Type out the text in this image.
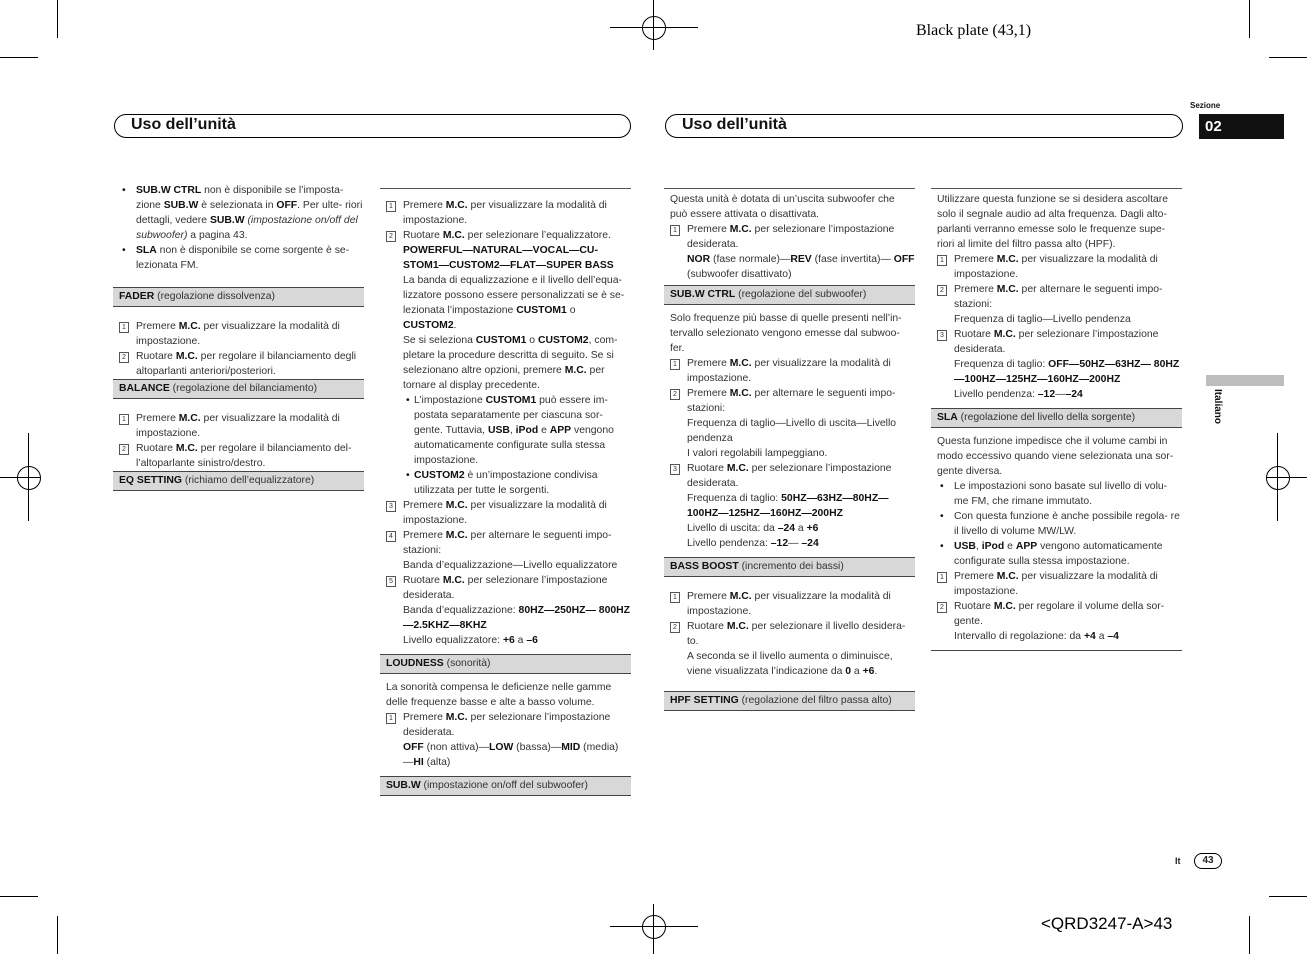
Black plate (43,1)
<QRD3247-A>43
Uso dell’unità	Uso dell’unità
Sezione
02
Italiano
It	43

• SUB.W CTRL non è disponibile se l’imposta- zione SUB.W è selezionata in OFF. Per ulte- riori dettagli, vedere SUB.W (impostazione on/off del subwoofer) a pagina 43.

• SLA non è disponibile se come sorgente è se- lezionata FM.

FADER (regolazione dissolvenza)

1 Premere M.C. per visualizzare la modalità di impostazione.

2 Ruotare M.C. per regolare il bilanciamento degli altoparlanti anteriori/posteriori.

BALANCE (regolazione del bilanciamento)

1 Premere M.C. per visualizzare la modalità di impostazione.

2 Ruotare M.C. per regolare il bilanciamento del- l’altoparlante sinistro/destro.

EQ SETTING (richiamo dell’equalizzatore)

1 Premere M.C. per visualizzare la modalità di impostazione.

2 Ruotare M.C. per selezionare l’equalizzatore.

POWERFUL—NATURAL—VOCAL—CU- STOM1—CUSTOM2—FLAT—SUPER BASS

La banda di equalizzazione e il livello dell’equa- lizzatore possono essere personalizzati se è se- lezionata l’impostazione CUSTOM1 o CUSTOM2.

Se si seleziona CUSTOM1 o CUSTOM2, com- pletare la procedure descritta di seguito. Se si selezionano altre opzioni, premere M.C. per tornare al display precedente.

• L’impostazione CUSTOM1 può essere im- postata separatamente per ciascuna sor- gente. Tuttavia, USB, iPod e APP vengono automaticamente configurate sulla stessa impostazione.

• CUSTOM2 è un’impostazione condivisa utilizzata per tutte le sorgenti.

3 Premere M.C. per visualizzare la modalità di impostazione.

4 Premere M.C. per alternare le seguenti impo- stazioni:

Banda d’equalizzazione—Livello equalizzatore

5 Ruotare M.C. per selezionare l’impostazione desiderata.

Banda d’equalizzazione: 80HZ—250HZ— 800HZ—2.5KHZ—8KHZ

Livello equalizzatore: +6 a –6

LOUDNESS (sonorità)

La sonorità compensa le deficienze nelle gamme delle frequenze basse e alte a basso volume.

1 Premere M.C. per selezionare l’impostazione desiderata.

OFF (non attiva)—LOW (bassa)—MID (media) —HI (alta)

SUB.W (impostazione on/off del subwoofer)

Questa unità è dotata di un’uscita subwoofer che può essere attivata o disattivata.

1 Premere M.C. per selezionare l’impostazione desiderata.

NOR (fase normale)—REV (fase invertita)— OFF (subwoofer disattivato)

SUB.W CTRL (regolazione del subwoofer)

Solo frequenze più basse di quelle presenti nell’in- tervallo selezionato vengono emesse dal subwoo- fer.

1 Premere M.C. per visualizzare la modalità di impostazione.

2 Premere M.C. per alternare le seguenti impo- stazioni:

Frequenza di taglio—Livello di uscita—Livello pendenza

I valori regolabili lampeggiano.

3 Ruotare M.C. per selezionare l’impostazione desiderata.

Frequenza di taglio: 50HZ—63HZ—80HZ— 100HZ—125HZ—160HZ—200HZ

Livello di uscita: da –24 a +6

Livello pendenza: –12— –24

BASS BOOST (incremento dei bassi)

1 Premere M.C. per visualizzare la modalità di impostazione.

2 Ruotare M.C. per selezionare il livello desidera- to.

A seconda se il livello aumenta o diminuisce, viene visualizzata l’indicazione da 0 a +6.

HPF SETTING (regolazione del filtro passa alto)

Utilizzare questa funzione se si desidera ascoltare solo il segnale audio ad alta frequenza. Dagli alto- parlanti verranno emesse solo le frequenze supe- riori al limite del filtro passa alto (HPF).

1 Premere M.C. per visualizzare la modalità di impostazione.

2 Premere M.C. per alternare le seguenti impo- stazioni:

Frequenza di taglio—Livello pendenza

3 Ruotare M.C. per selezionare l’impostazione desiderata.

Frequenza di taglio: OFF—50HZ—63HZ— 80HZ—100HZ—125HZ—160HZ—200HZ

Livello pendenza: –12—–24

SLA (regolazione del livello della sorgente)

Questa funzione impedisce che il volume cambi in modo eccessivo quando viene selezionata una sor- gente diversa.

• Le impostazioni sono basate sul livello di volu- me FM, che rimane immutato.

• Con questa funzione è anche possibile regola- re il livello di volume MW/LW.

• USB, iPod e APP vengono automaticamente configurate sulla stessa impostazione.

1 Premere M.C. per visualizzare la modalità di impostazione.

2 Ruotare M.C. per regolare il volume della sor- gente.

Intervallo di regolazione: da +4 a –4
